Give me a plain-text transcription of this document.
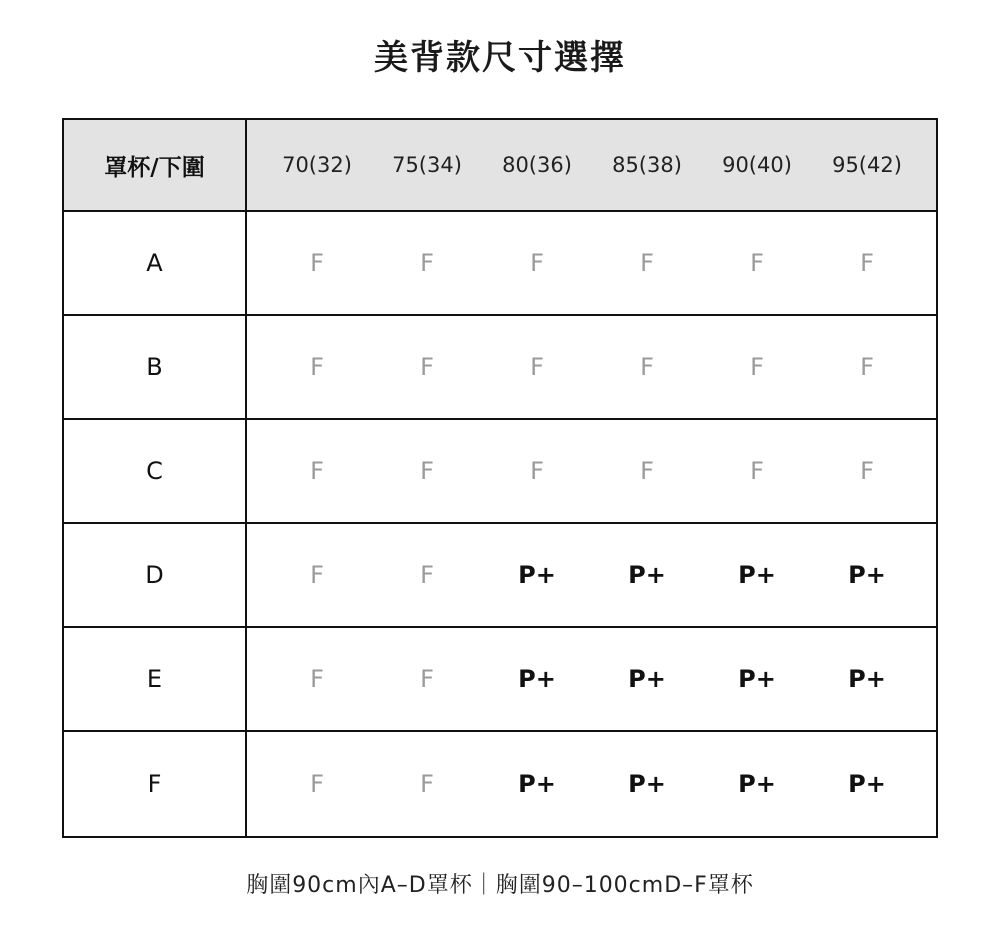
美背款尺寸選擇
罩杯/下圍	70(32)	75(34)	80(36)	85(38)	90(40)	95(42)
A	F	F	F	F	F	F
B	F	F	F	F	F	F
C	F	F	F	F	F	F
D	F	F	P+	P+	P+	P+
E	F	F	P+	P+	P+	P+
F	F	F	P+	P+	P+	P+
胸圍90cm內A–D罩杯｜胸圍90–100cmD–F罩杯
